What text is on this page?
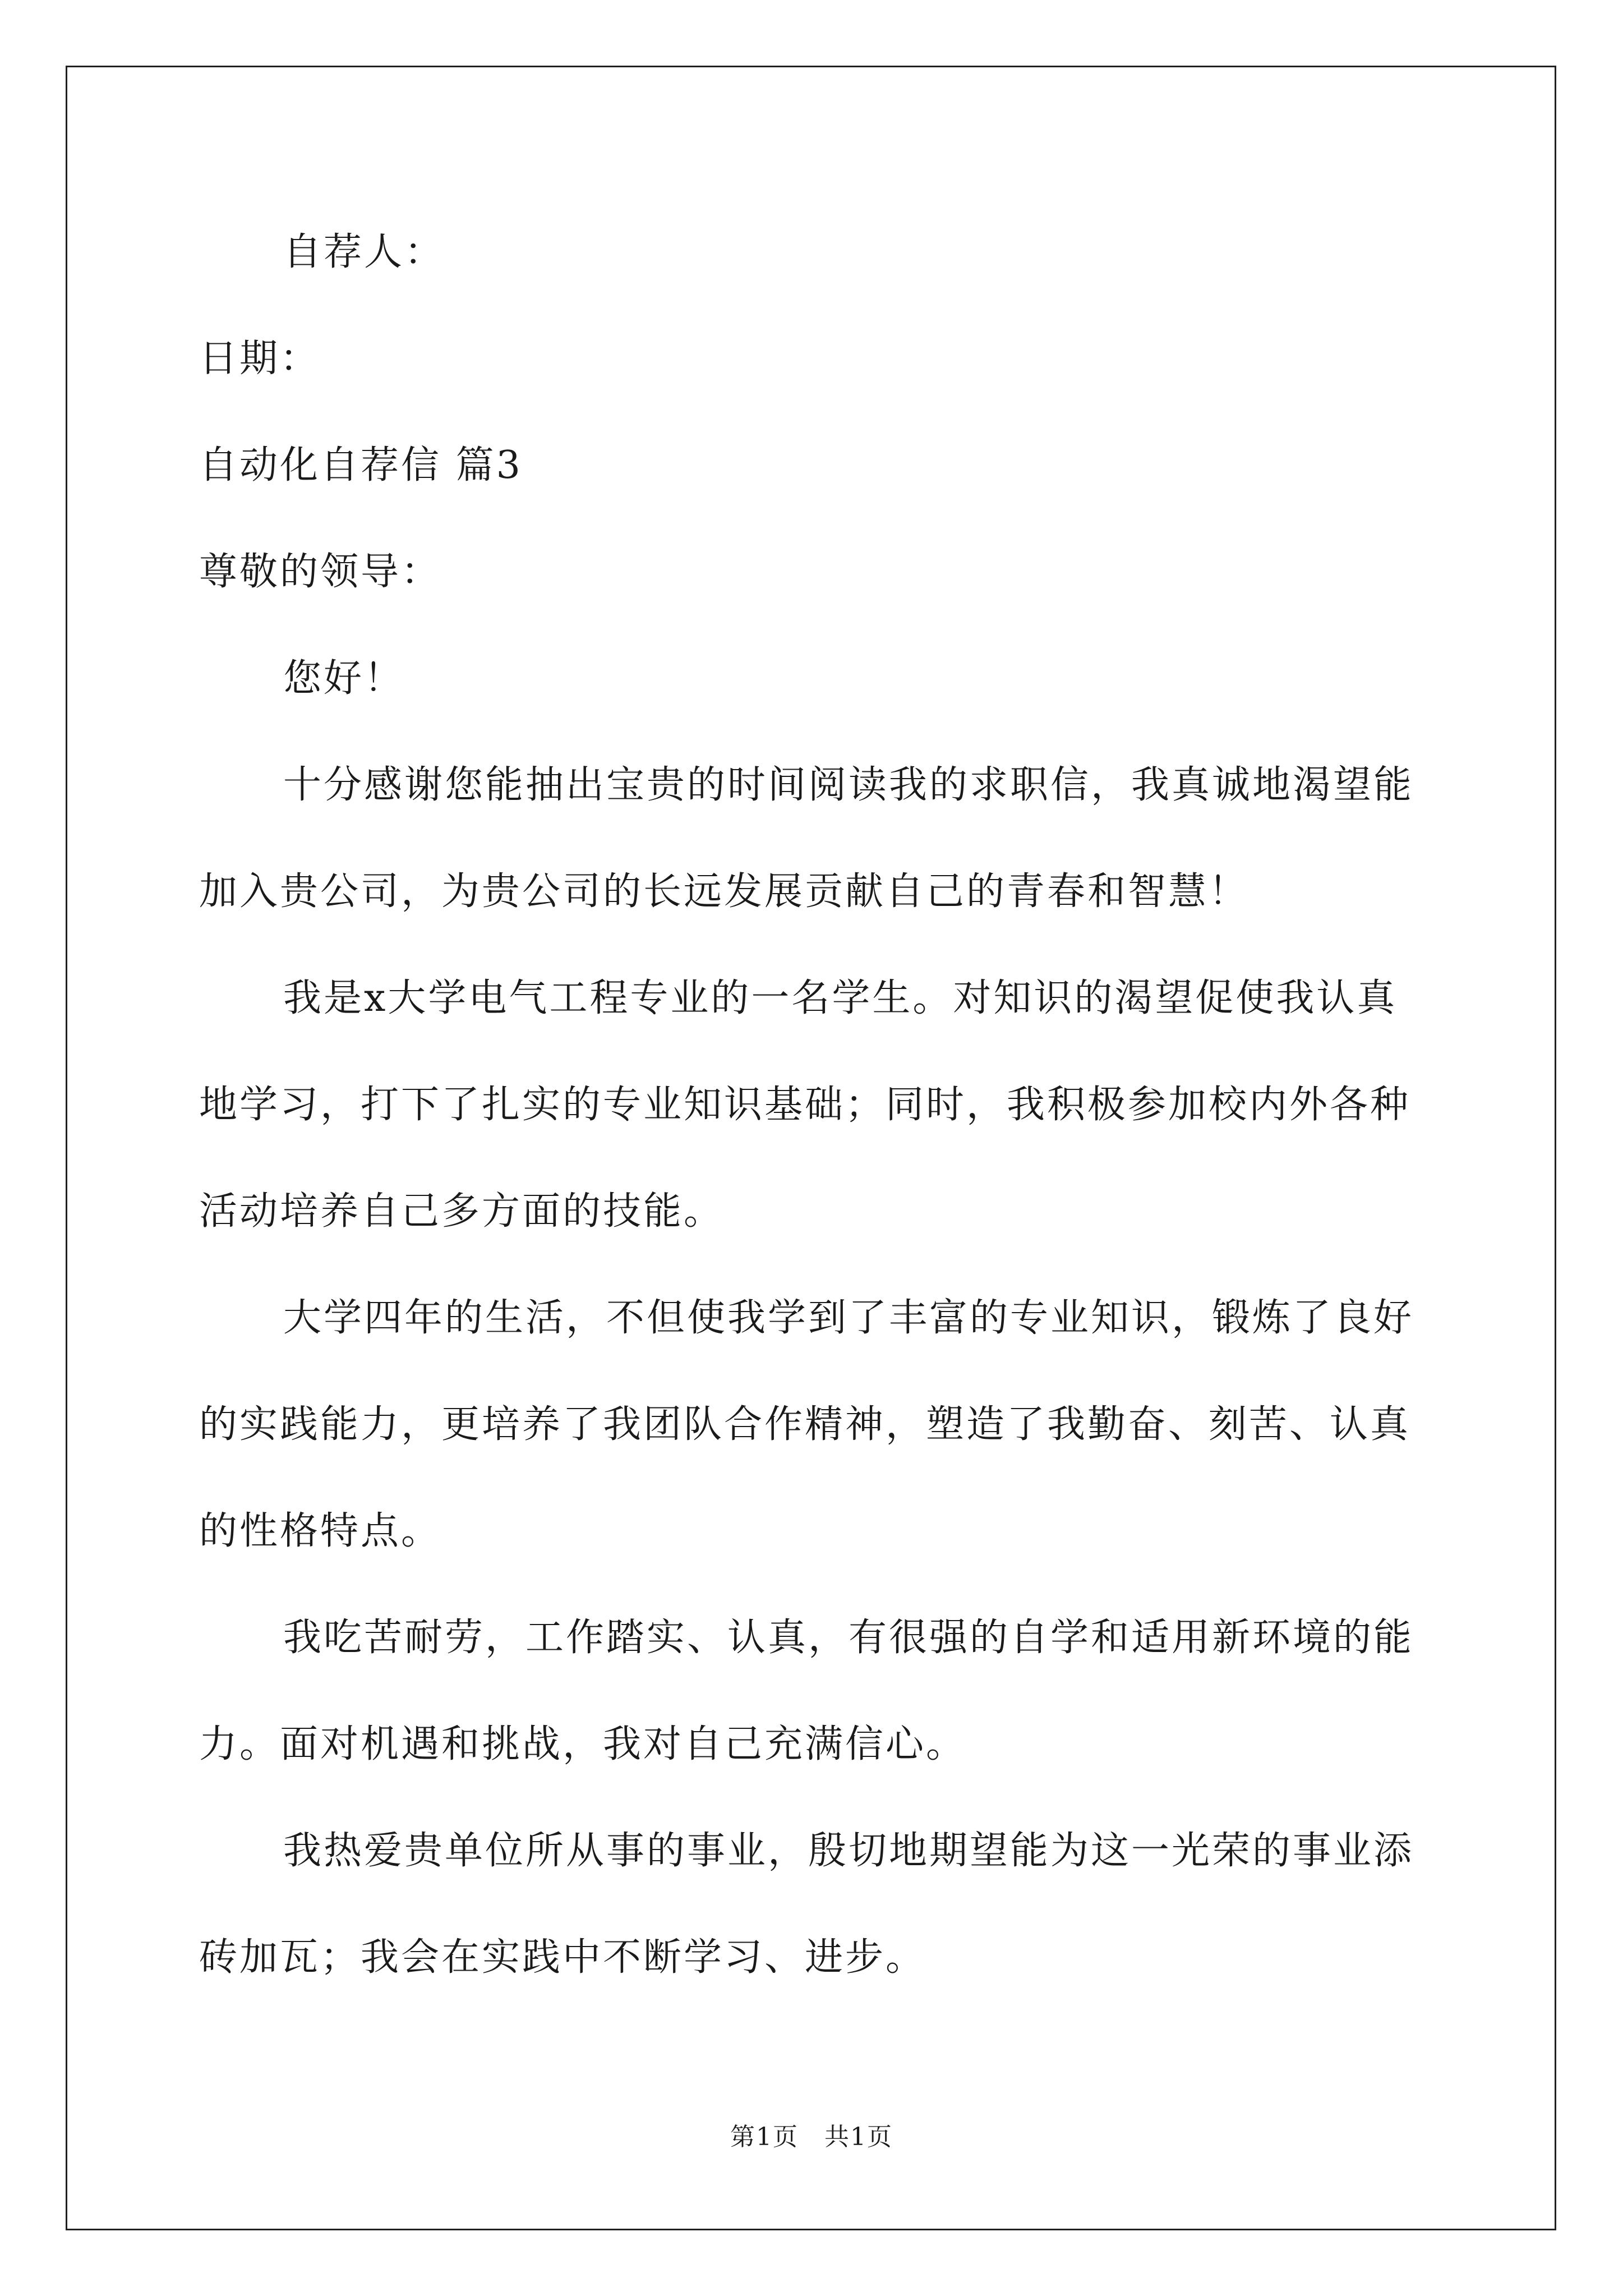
自荐人：
日期：
自动化自荐信 篇3
尊敬的领导：
您好！
十分感谢您能抽出宝贵的时间阅读我的求职信，我真诚地渴望能
加入贵公司，为贵公司的长远发展贡献自己的青春和智慧！
我是x大学电气工程专业的一名学生。对知识的渴望促使我认真
地学习，打下了扎实的专业知识基础；同时，我积极参加校内外各种
活动培养自己多方面的技能。
大学四年的生活，不但使我学到了丰富的专业知识，锻炼了良好
的实践能力，更培养了我团队合作精神，塑造了我勤奋、刻苦、认真
的性格特点。
我吃苦耐劳，工作踏实、认真，有很强的自学和适用新环境的能
力。面对机遇和挑战，我对自己充满信心。
我热爱贵单位所从事的事业，殷切地期望能为这一光荣的事业添
砖加瓦；我会在实践中不断学习、进步。
第1页　共1页
